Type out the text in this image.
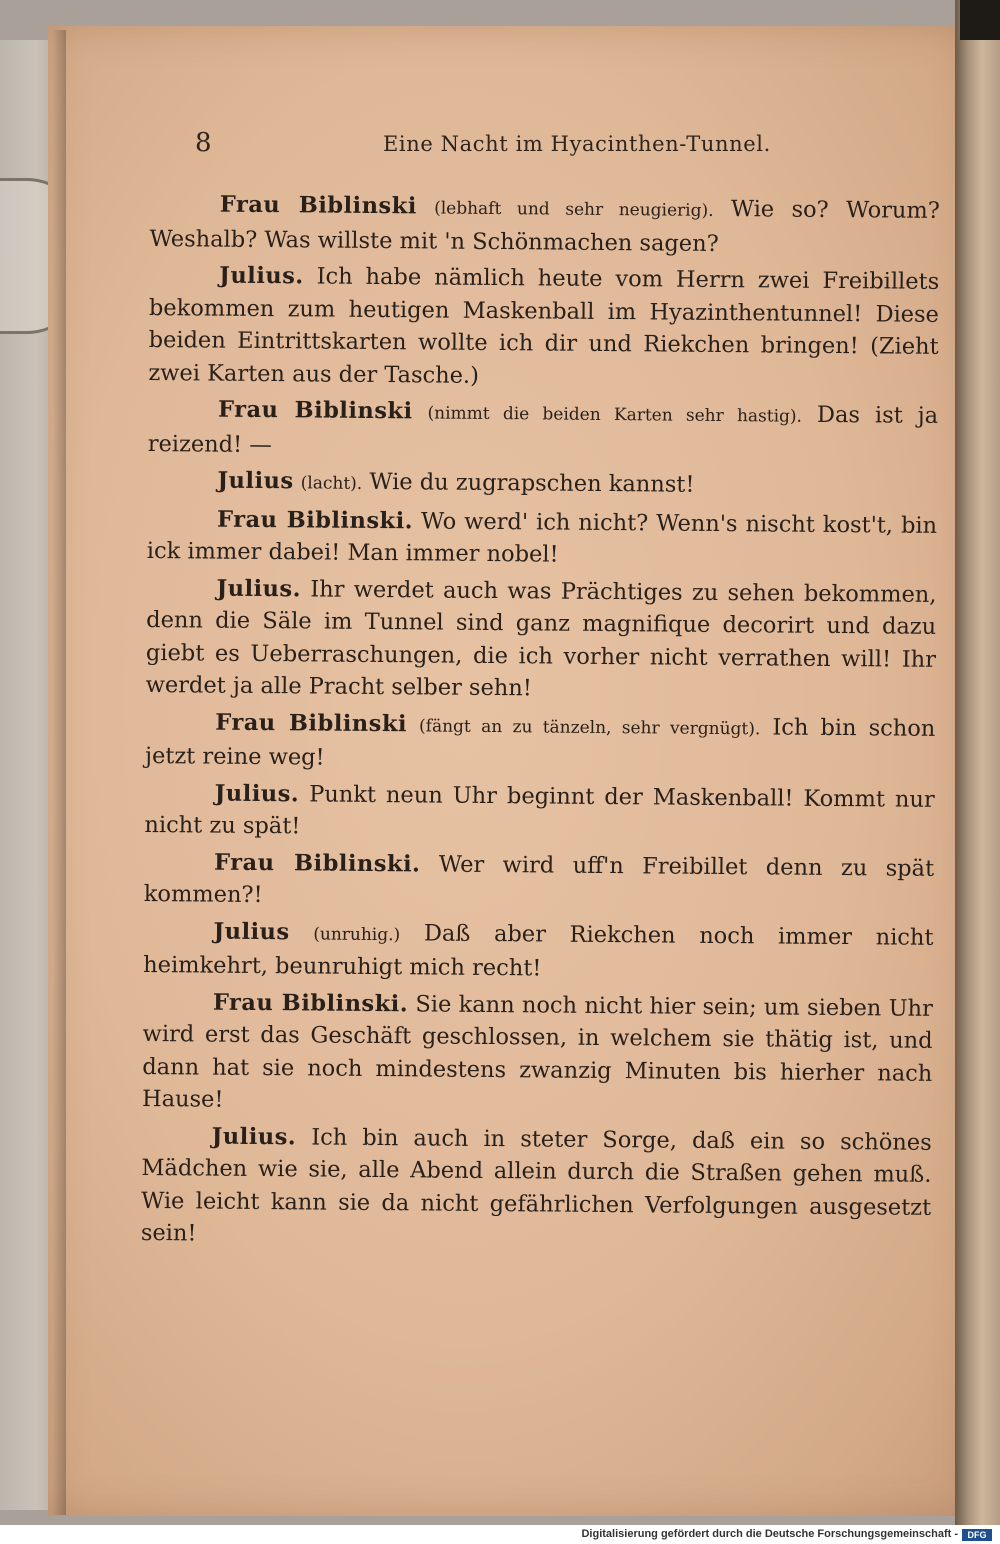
8	Eine Nacht im Hyacinthen-Tunnel.

Frau Biblinski (lebhaft und sehr neugierig). Wie so? Worum? Weshalb? Was willste mit 'n Schönmachen sagen?

Julius. Ich habe nämlich heute vom Herrn zwei Freibillets bekommen zum heutigen Maskenball im Hyazinthentunnel! Diese beiden Eintrittskarten wollte ich dir und Riekchen bringen! (Zieht zwei Karten aus der Tasche.)

Frau Biblinski (nimmt die beiden Karten sehr hastig). Das ist ja reizend! —

Julius (lacht). Wie du zugrapschen kannst!

Frau Biblinski. Wo werd' ich nicht? Wenn's nischt kost't, bin ick immer dabei! Man immer nobel!

Julius. Ihr werdet auch was Prächtiges zu sehen bekommen, denn die Säle im Tunnel sind ganz magnifique decorirt und dazu giebt es Ueberraschungen, die ich vorher nicht verrathen will! Ihr werdet ja alle Pracht selber sehn!

Frau Biblinski (fängt an zu tänzeln, sehr vergnügt). Ich bin schon jetzt reine weg!

Julius. Punkt neun Uhr beginnt der Maskenball! Kommt nur nicht zu spät!

Frau Biblinski. Wer wird uff'n Freibillet denn zu spät kommen?!

Julius (unruhig.) Daß aber Riekchen noch immer nicht heimkehrt, beunruhigt mich recht!

Frau Biblinski. Sie kann noch nicht hier sein; um sieben Uhr wird erst das Geschäft geschlossen, in welchem sie thätig ist, und dann hat sie noch mindestens zwanzig Minuten bis hierher nach Hause!

Julius. Ich bin auch in steter Sorge, daß ein so schönes Mädchen wie sie, alle Abend allein durch die Straßen gehen muß. Wie leicht kann sie da nicht gefährlichen Verfolgungen ausgesetzt sein!

Digitalisierung gefördert durch die Deutsche Forschungsgemeinschaft -	DFG
